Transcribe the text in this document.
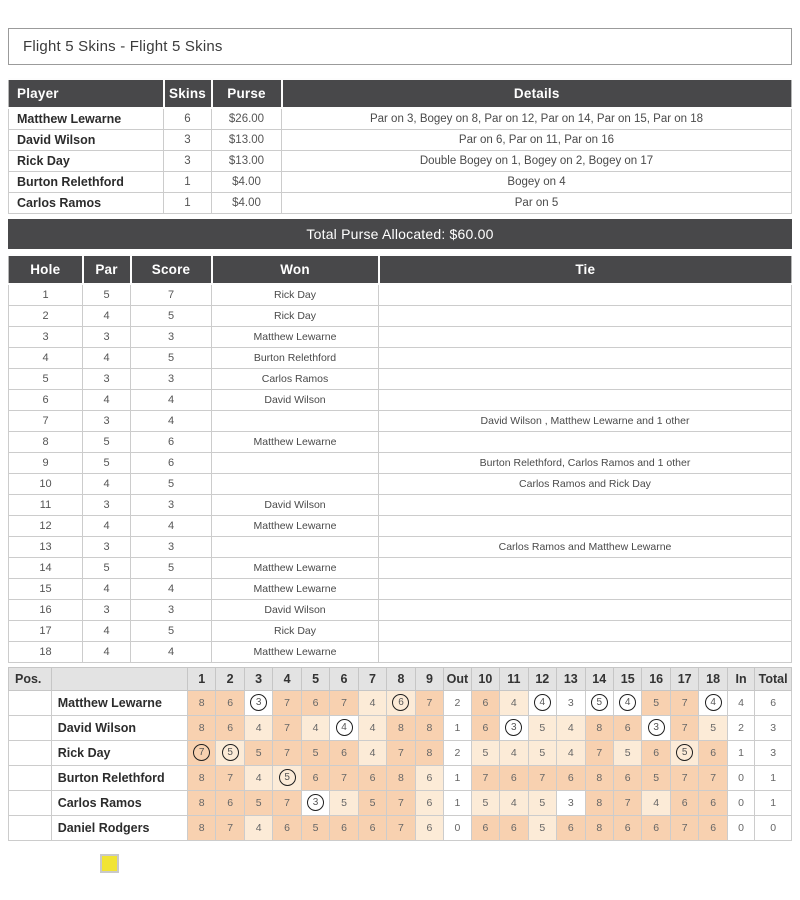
Flight 5 Skins - Flight 5 Skins
Player	Skins	Purse	Details
Matthew Lewarne	6	$26.00	Par on 3, Bogey on 8, Par on 12, Par on 14, Par on 15, Par on 18
David Wilson	3	$13.00	Par on 6, Par on 11, Par on 16
Rick Day	3	$13.00	Double Bogey on 1, Bogey on 2, Bogey on 17
Burton Relethford	1	$4.00	Bogey on 4
Carlos Ramos	1	$4.00	Par on 5
Total Purse Allocated: $60.00
Hole	Par	Score	Won	Tie
1	5	7	Rick Day	
2	4	5	Rick Day	
3	3	3	Matthew Lewarne	
4	4	5	Burton Relethford	
5	3	3	Carlos Ramos	
6	4	4	David Wilson	
7	3	4		David Wilson , Matthew Lewarne and 1 other
8	5	6	Matthew Lewarne	
9	5	6		Burton Relethford, Carlos Ramos and 1 other
10	4	5		Carlos Ramos and Rick Day
11	3	3	David Wilson	
12	4	4	Matthew Lewarne	
13	3	3		Carlos Ramos and Matthew Lewarne
14	5	5	Matthew Lewarne	
15	4	4	Matthew Lewarne	
16	3	3	David Wilson	
17	4	5	Rick Day	
18	4	4	Matthew Lewarne	
Pos.		1	2	3	4	5	6	7	8	9	Out	10	11	12	13	14	15	16	17	18	In	Total
	Matthew Lewarne	8	6	3	7	6	7	4	6	7	2	6	4	4	3	5	4	5	7	4	4	6
	David Wilson	8	6	4	7	4	4	4	8	8	1	6	3	5	4	8	6	3	7	5	2	3
	Rick Day	7	5	5	7	5	6	4	7	8	2	5	4	5	4	7	5	6	5	6	1	3
	Burton Relethford	8	7	4	5	6	7	6	8	6	1	7	6	7	6	8	6	5	7	7	0	1
	Carlos Ramos	8	6	5	7	3	5	5	7	6	1	5	4	5	3	8	7	4	6	6	0	1
	Daniel Rodgers	8	7	4	6	5	6	6	7	6	0	6	6	5	6	8	6	6	7	6	0	0
